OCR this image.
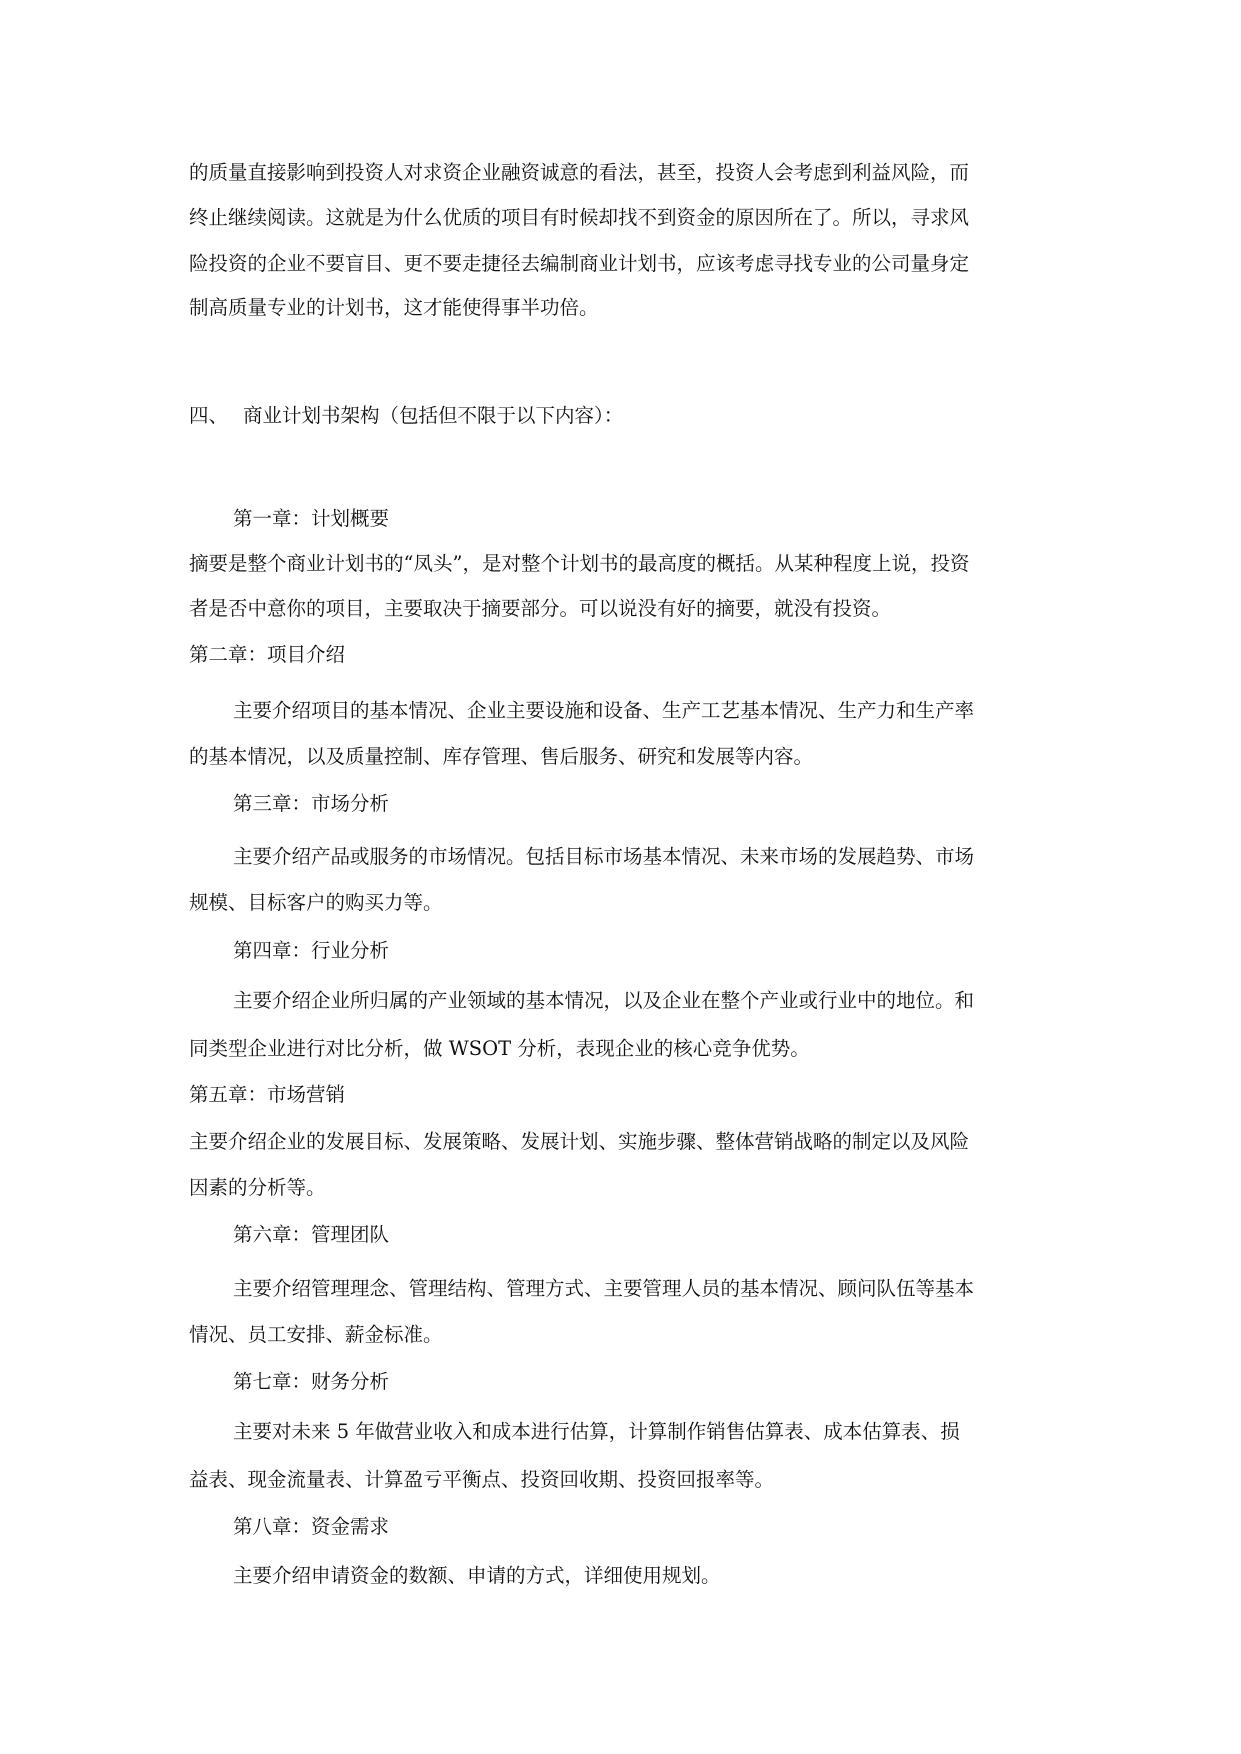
的质量直接影响到投资人对求资企业融资诚意的看法，甚至，投资人会考虑到利益风险，而

终止继续阅读。这就是为什么优质的项目有时候却找不到资金的原因所在了。所以，寻求风

险投资的企业不要盲目、更不要走捷径去编制商业计划书，应该考虑寻找专业的公司量身定

制高质量专业的计划书，这才能使得事半功倍。

四、 商业计划书架构（包括但不限于以下内容）：

第一章：计划概要

摘要是整个商业计划书的“凤头”，是对整个计划书的最高度的概括。从某种程度上说，投资

者是否中意你的项目，主要取决于摘要部分。可以说没有好的摘要，就没有投资。

第二章：项目介绍

主要介绍项目的基本情况、企业主要设施和设备、生产工艺基本情况、生产力和生产率

的基本情况，以及质量控制、库存管理、售后服务、研究和发展等内容。

第三章：市场分析

主要介绍产品或服务的市场情况。包括目标市场基本情况、未来市场的发展趋势、市场

规模、目标客户的购买力等。

第四章：行业分析

主要介绍企业所归属的产业领域的基本情况，以及企业在整个产业或行业中的地位。和

同类型企业进行对比分析，做 WSOT 分析，表现企业的核心竞争优势。

第五章：市场营销

主要介绍企业的发展目标、发展策略、发展计划、实施步骤、整体营销战略的制定以及风险

因素的分析等。

第六章：管理团队

主要介绍管理理念、管理结构、管理方式、主要管理人员的基本情况、顾问队伍等基本

情况、员工安排、薪金标准。

第七章：财务分析

主要对未来 5 年做营业收入和成本进行估算，计算制作销售估算表、成本估算表、损

益表、现金流量表、计算盈亏平衡点、投资回收期、投资回报率等。

第八章：资金需求

主要介绍申请资金的数额、申请的方式，详细使用规划。
